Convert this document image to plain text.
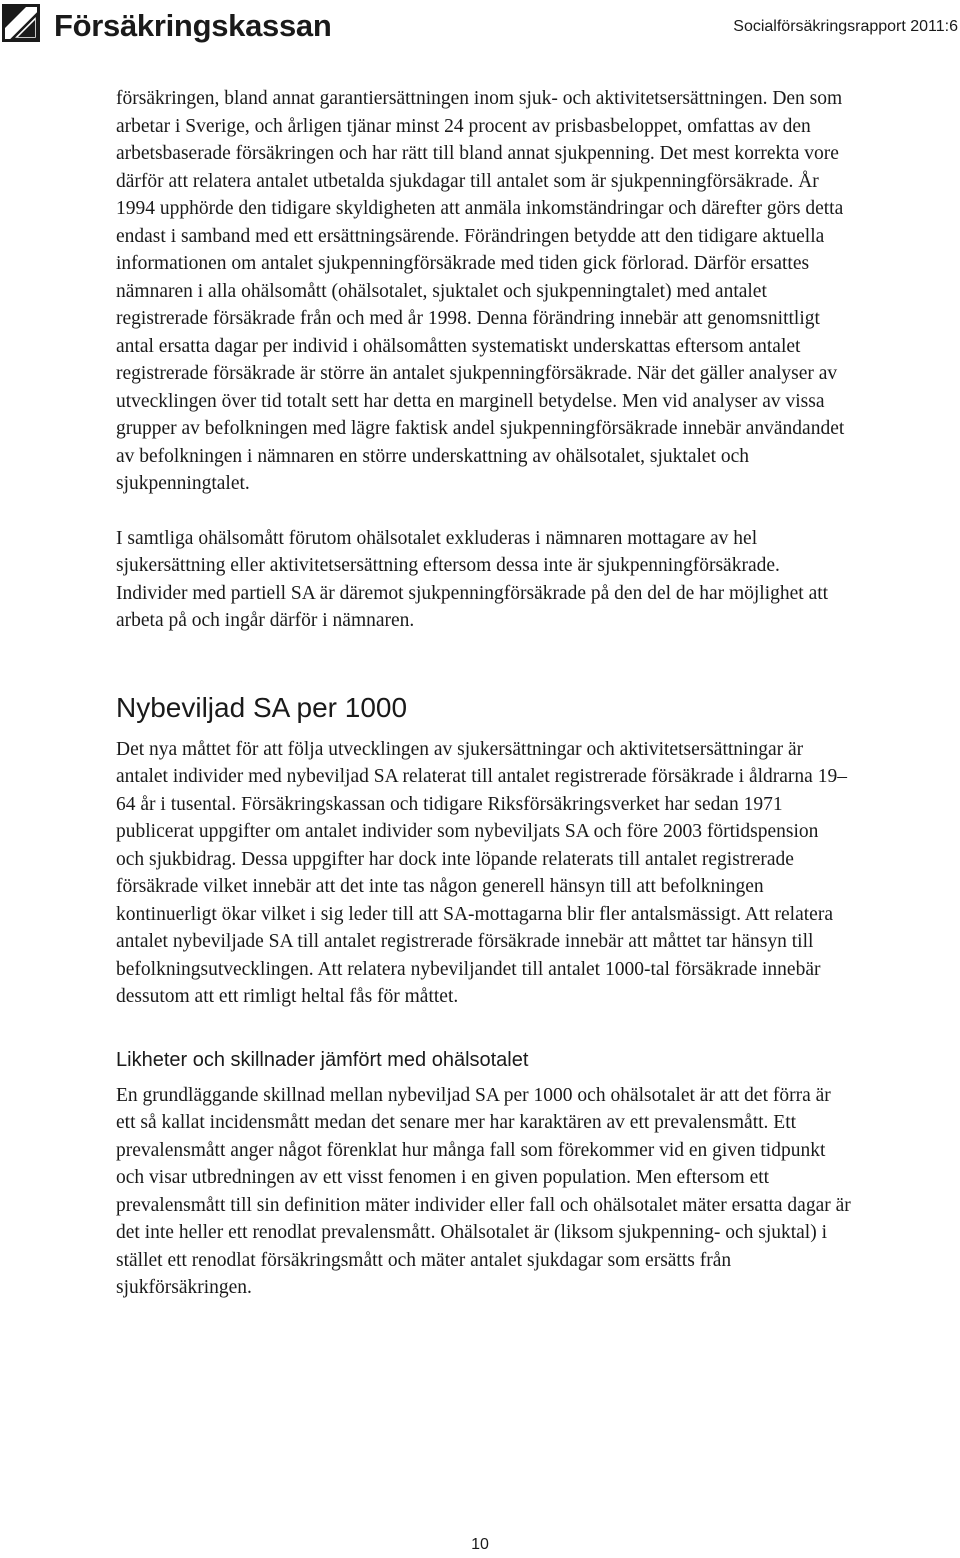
Försäkringskassan	Socialförsäkringsrapport 2011:6

försäkringen, bland annat garantiersättningen inom sjuk- och aktivitetsersättningen. Den som arbetar i Sverige, och årligen tjänar minst 24 procent av prisbasbeloppet, omfattas av den arbetsbaserade försäkringen och har rätt till bland annat sjukpenning. Det mest korrekta vore därför att relatera antalet utbetalda sjukdagar till antalet som är sjukpenningförsäkrade. År 1994 upphörde den tidigare skyldigheten att anmäla inkomständringar och därefter görs detta endast i samband med ett ersättningsärende. Förändringen betydde att den tidigare aktuella informationen om antalet sjukpenningförsäkrade med tiden gick förlorad. Därför ersattes nämnaren i alla ohälsomått (ohälsotalet, sjuktalet och sjukpenningtalet) med antalet registrerade försäkrade från och med år 1998. Denna förändring innebär att genomsnittligt antal ersatta dagar per individ i ohälsomåtten systematiskt underskattas eftersom antalet registrerade försäkrade är större än antalet sjukpenningförsäkrade. När det gäller analyser av utvecklingen över tid totalt sett har detta en marginell betydelse. Men vid analyser av vissa grupper av befolkningen med lägre faktisk andel sjukpenningförsäkrade innebär användandet av befolkningen i nämnaren en större underskattning av ohälsotalet, sjuktalet och sjukpenningtalet.

I samtliga ohälsomått förutom ohälsotalet exkluderas i nämnaren mottagare av hel sjukersättning eller aktivitetsersättning eftersom dessa inte är sjukpenningförsäkrade. Individer med partiell SA är däremot sjukpenningförsäkrade på den del de har möjlighet att arbeta på och ingår därför i nämnaren.

Nybeviljad SA per 1000

Det nya måttet för att följa utvecklingen av sjukersättningar och aktivitetsersättningar är antalet individer med nybeviljad SA relaterat till antalet registrerade försäkrade i åldrarna 19–64 år i tusental. Försäkringskassan och tidigare Riksförsäkringsverket har sedan 1971 publicerat uppgifter om antalet individer som nybeviljats SA och före 2003 förtidspension och sjukbidrag. Dessa uppgifter har dock inte löpande relaterats till antalet registrerade försäkrade vilket innebär att det inte tas någon generell hänsyn till att befolkningen kontinuerligt ökar vilket i sig leder till att SA-mottagarna blir fler antalsmässigt. Att relatera antalet nybeviljade SA till antalet registrerade försäkrade innebär att måttet tar hänsyn till befolkningsutvecklingen. Att relatera nybeviljandet till antalet 1000-tal försäkrade innebär dessutom att ett rimligt heltal fås för måttet.

Likheter och skillnader jämfört med ohälsotalet

En grundläggande skillnad mellan nybeviljad SA per 1000 och ohälsotalet är att det förra är ett så kallat incidensmått medan det senare mer har karaktären av ett prevalensmått. Ett prevalensmått anger något förenklat hur många fall som förekommer vid en given tidpunkt och visar utbredningen av ett visst fenomen i en given population. Men eftersom ett prevalensmått till sin definition mäter individer eller fall och ohälsotalet mäter ersatta dagar är det inte heller ett renodlat prevalensmått. Ohälsotalet är (liksom sjukpenning- och sjuktal) i stället ett renodlat försäkringsmått och mäter antalet sjukdagar som ersätts från sjukförsäkringen.

10
